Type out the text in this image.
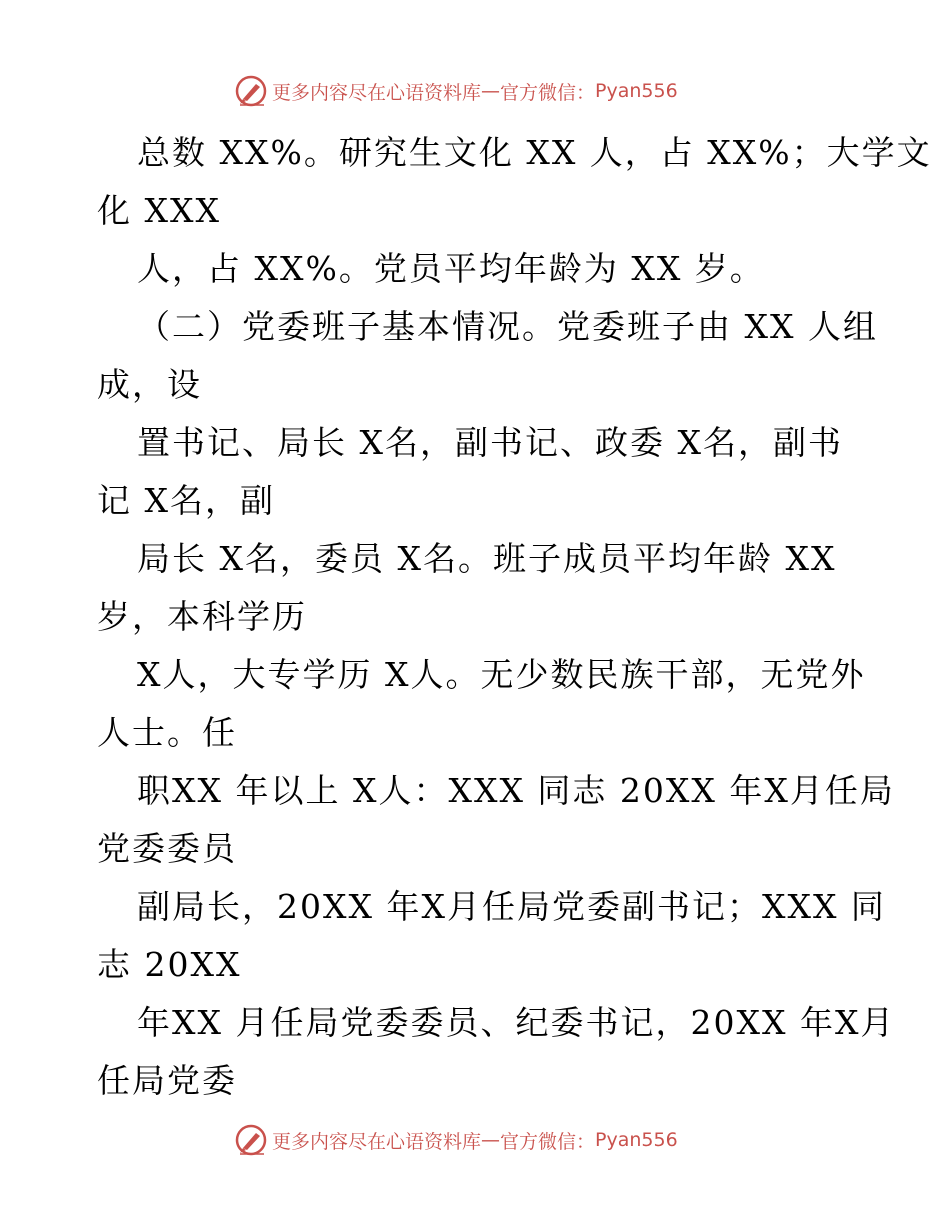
更多内容尽在心语资料库 — 官方微信： Pyan556
总数 XX%。研究生文化 XX 人，占 XX%；大学文
化 XXX
人，占 XX%。党员平均年龄为 XX 岁。
（二）党委班子基本情况。党委班子由 XX 人组
成，设
置书记、局长 X名，副书记、政委 X名，副书
记 X名，副
局长 X名，委员 X名。班子成员平均年龄 XX
岁，本科学历
X人，大专学历 X人。无少数民族干部，无党外
人士。任
职XX 年以上 X人：XXX 同志 20XX 年X月任局
党委委员
副局长，20XX 年X月任局党委副书记；XXX 同
志 20XX
年XX 月任局党委委员、纪委书记，20XX 年X月
任局党委
更多内容尽在心语资料库 — 官方微信： Pyan556
